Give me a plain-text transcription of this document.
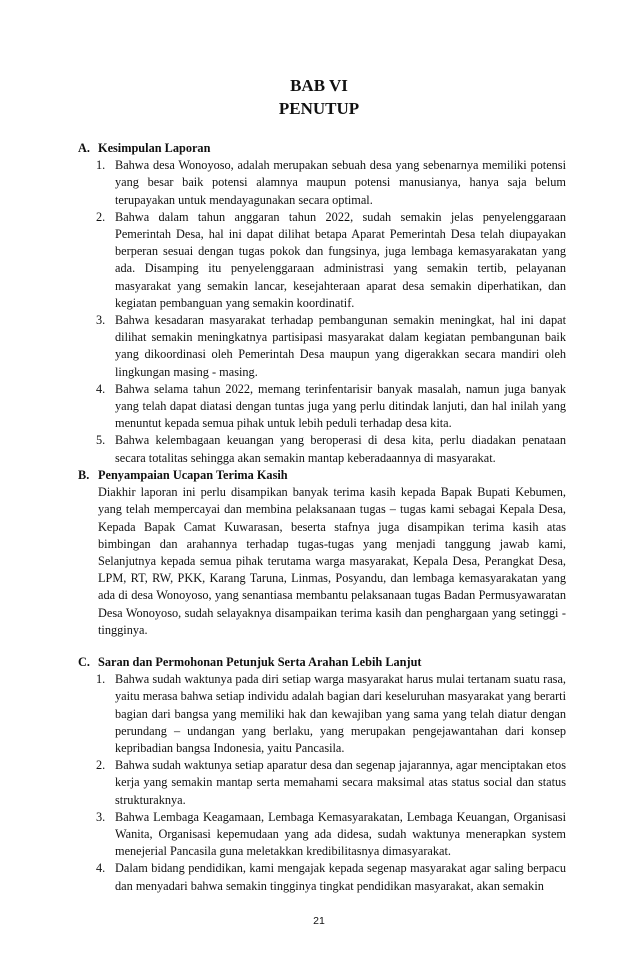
BAB VI
PENUTUP
A. Kesimpulan Laporan
1. Bahwa desa Wonoyoso, adalah merupakan sebuah desa yang sebenarnya memiliki potensi yang besar baik potensi alamnya maupun potensi manusianya, hanya saja belum terupayakan untuk mendayagunakan secara optimal.
2. Bahwa dalam tahun anggaran tahun 2022, sudah semakin jelas penyelenggaraan Pemerintah Desa, hal ini dapat dilihat betapa Aparat Pemerintah Desa telah diupayakan berperan sesuai dengan tugas pokok dan fungsinya, juga lembaga kemasyarakatan yang ada. Disamping itu penyelenggaraan administrasi yang semakin tertib, pelayanan masyarakat yang semakin lancar, kesejahteraan aparat desa semakin diperhatikan, dan kegiatan pembanguan yang semakin koordinatif.
3. Bahwa kesadaran masyarakat terhadap pembangunan semakin meningkat, hal ini dapat dilihat semakin meningkatnya partisipasi masyarakat dalam kegiatan pembangunan baik yang dikoordinasi oleh Pemerintah Desa maupun yang digerakkan secara mandiri oleh lingkungan masing - masing.
4. Bahwa selama tahun 2022, memang terinfentarisir banyak masalah, namun juga banyak yang telah dapat diatasi dengan tuntas juga yang perlu ditindak lanjuti, dan hal inilah yang menuntut kepada semua pihak untuk lebih peduli terhadap desa kita.
5. Bahwa kelembagaan keuangan yang beroperasi di desa kita, perlu diadakan penataan secara totalitas sehingga akan semakin mantap keberadaannya di masyarakat.
B. Penyampaian Ucapan Terima Kasih

Diakhir laporan ini perlu disampikan banyak terima kasih kepada Bapak Bupati Kebumen, yang telah mempercayai dan membina pelaksanaan tugas – tugas kami sebagai Kepala Desa, Kepada Bapak Camat Kuwarasan, beserta stafnya juga disampikan terima kasih atas bimbingan dan arahannya terhadap tugas-tugas yang menjadi tanggung jawab kami, Selanjutnya kepada semua pihak terutama warga masyarakat, Kepala Desa, Perangkat Desa, LPM, RT, RW, PKK, Karang Taruna, Linmas, Posyandu, dan lembaga kemasyarakatan yang ada di desa Wonoyoso, yang senantiasa membantu pelaksanaan tugas Badan Permusyawaratan Desa Wonoyoso, sudah selayaknya disampaikan terima kasih dan penghargaan yang setinggi - tingginya.

C. Saran dan Permohonan Petunjuk Serta Arahan Lebih Lanjut
1. Bahwa sudah waktunya pada diri setiap warga masyarakat harus mulai tertanam suatu rasa, yaitu merasa bahwa setiap individu adalah bagian dari keseluruhan masyarakat yang berarti bagian dari bangsa yang memiliki hak dan kewajiban yang sama yang telah diatur dengan perundang – undangan yang berlaku, yang merupakan pengejawantahan dari konsep kepribadian bangsa Indonesia, yaitu Pancasila.
2. Bahwa sudah waktunya setiap aparatur desa dan segenap jajarannya, agar menciptakan etos kerja yang semakin mantap serta memahami secara maksimal atas status social dan status strukturaknya.
3. Bahwa Lembaga Keagamaan, Lembaga Kemasyarakatan, Lembaga Keuangan, Organisasi Wanita, Organisasi kepemudaan yang ada didesa, sudah waktunya menerapkan system menejerial Pancasila guna meletakkan kredibilitasnya dimasyarakat.
4. Dalam bidang pendidikan, kami mengajak kepada segenap masyarakat agar saling berpacu dan menyadari bahwa semakin tingginya tingkat pendidikan masyarakat, akan semakin
21
